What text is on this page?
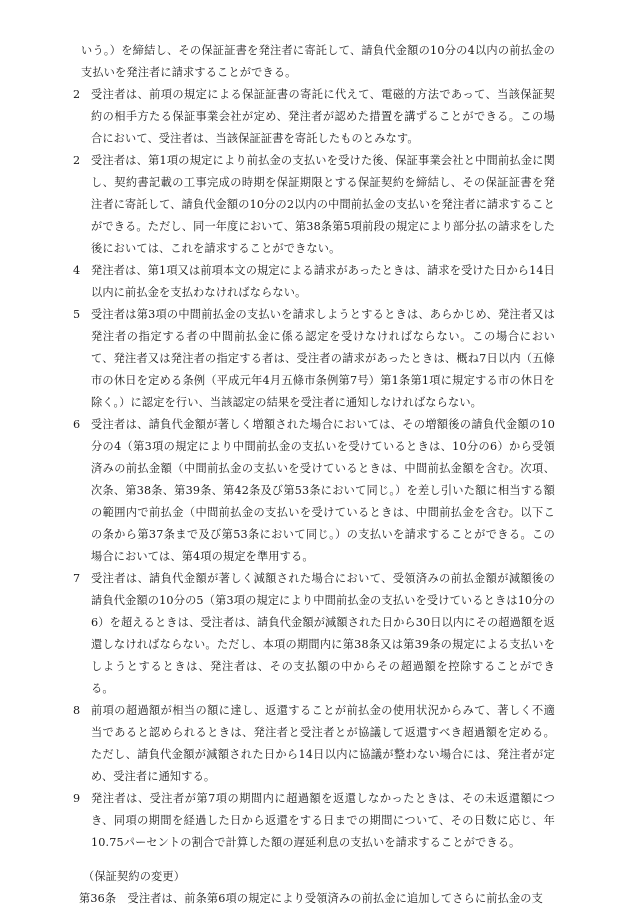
いう。）を締結し、その保証証書を発注者に寄託して、請負代金額の10分の4以内の前払金の支払いを発注者に請求することができる。

2 受注者は、前項の規定による保証証書の寄託に代えて、電磁的方法であって、当該保証契約の相手方たる保証事業会社が定め、発注者が認めた措置を講ずることができる。この場合において、受注者は、当該保証証書を寄託したものとみなす。
2 受注者は、第1項の規定により前払金の支払いを受けた後、保証事業会社と中間前払金に関し、契約書記載の工事完成の時期を保証期限とする保証契約を締結し、その保証証書を発注者に寄託して、請負代金額の10分の2以内の中間前払金の支払いを発注者に請求することができる。ただし、同一年度において、第38条第5項前段の規定により部分払の請求をした後においては、これを請求することができない。
4 発注者は、第1項又は前項本文の規定による請求があったときは、請求を受けた日から14日以内に前払金を支払わなければならない。
5 受注者は第3項の中間前払金の支払いを請求しようとするときは、あらかじめ、発注者又は発注者の指定する者の中間前払金に係る認定を受けなければならない。この場合において、発注者又は発注者の指定する者は、受注者の請求があったときは、概ね7日以内（五條市の休日を定める条例（平成元年4月五條市条例第7号）第1条第1項に規定する市の休日を除く。）に認定を行い、当該認定の結果を受注者に通知しなければならない。
6 受注者は、請負代金額が著しく増額された場合においては、その増額後の請負代金額の10分の4（第3項の規定により中間前払金の支払いを受けているときは、10分の6）から受領済みの前払金額（中間前払金の支払いを受けているときは、中間前払金額を含む。次項、次条、第38条、第39条、第42条及び第53条において同じ。）を差し引いた額に相当する額の範囲内で前払金（中間前払金の支払いを受けているときは、中間前払金を含む。以下この条から第37条まで及び第53条において同じ。）の支払いを請求することができる。この場合においては、第4項の規定を準用する。
7 受注者は、請負代金額が著しく減額された場合において、受領済みの前払金額が減額後の請負代金額の10分の5（第3項の規定により中間前払金の支払いを受けているときは10分の6）を超えるときは、受注者は、請負代金額が減額された日から30日以内にその超過額を返還しなければならない。ただし、本項の期間内に第38条又は第39条の規定による支払いをしようとするときは、発注者は、その支払額の中からその超過額を控除することができる。
8 前項の超過額が相当の額に達し、返還することが前払金の使用状況からみて、著しく不適当であると認められるときは、発注者と受注者とが協議して返還すべき超過額を定める。ただし、請負代金額が減額された日から14日以内に協議が整わない場合には、発注者が定め、受注者に通知する。
9 発注者は、受注者が第7項の期間内に超過額を返還しなかったときは、その未返還額につき、同項の期間を経過した日から返還をする日までの期間について、その日数に応じ、年10.75パーセントの割合で計算した額の遅延利息の支払いを請求することができる。

（保証契約の変更）

第36条　受注者は、前条第6項の規定により受領済みの前払金に追加してさらに前払金の支
